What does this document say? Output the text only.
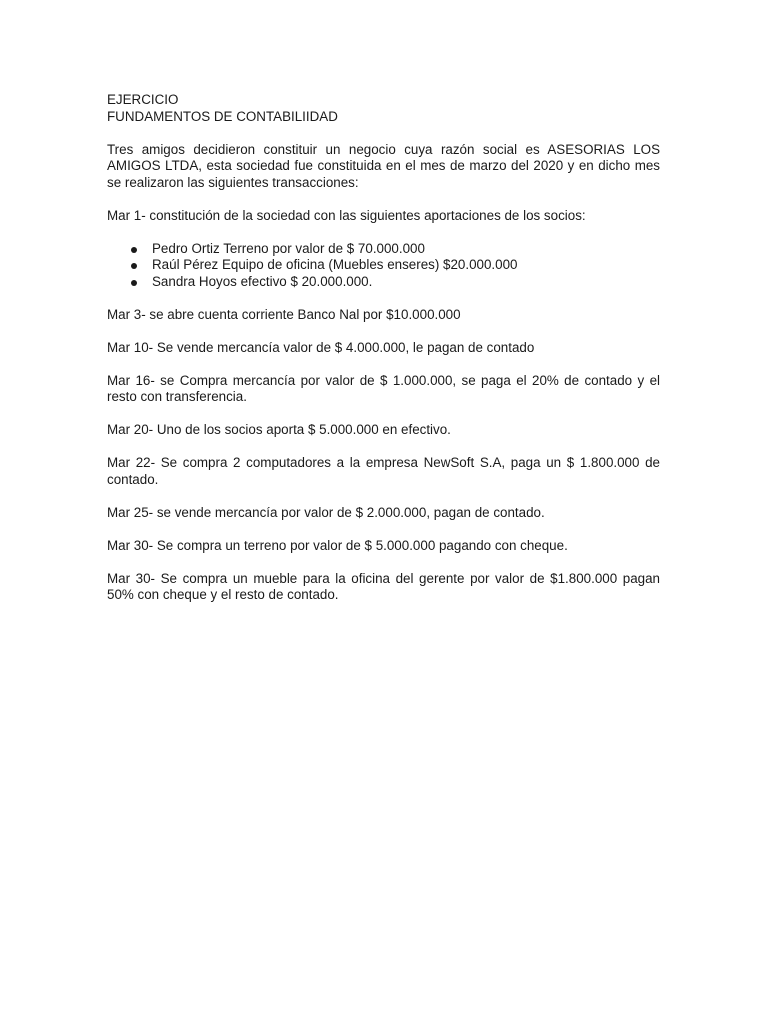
EJERCICIO

FUNDAMENTOS DE CONTABILIIDAD

Tres amigos decidieron constituir un negocio cuya razón social es ASESORIAS LOS AMIGOS LTDA, esta sociedad fue constituida en el mes de marzo del 2020 y en dicho mes se realizaron las siguientes transacciones:

Mar 1- constitución de la sociedad con las siguientes aportaciones de los socios:

Pedro Ortiz Terreno por valor de $ 70.000.000
Raúl Pérez Equipo de oficina (Muebles enseres) $20.000.000
Sandra Hoyos efectivo $ 20.000.000.

Mar 3- se abre cuenta corriente Banco Nal por $10.000.000

Mar 10- Se vende mercancía valor de $ 4.000.000, le pagan de contado

Mar 16- se Compra mercancía por valor de $ 1.000.000, se paga el 20% de contado y el resto con transferencia.

Mar 20- Uno de los socios aporta $ 5.000.000 en efectivo.

Mar 22- Se compra 2 computadores a la empresa NewSoft S.A, paga un $ 1.800.000 de contado.

Mar 25- se vende mercancía por valor de $ 2.000.000, pagan de contado.

Mar 30- Se compra un terreno por valor de $ 5.000.000 pagando con cheque.

Mar 30- Se compra un mueble para la oficina del gerente por valor de $1.800.000 pagan 50% con cheque y el resto de contado.
